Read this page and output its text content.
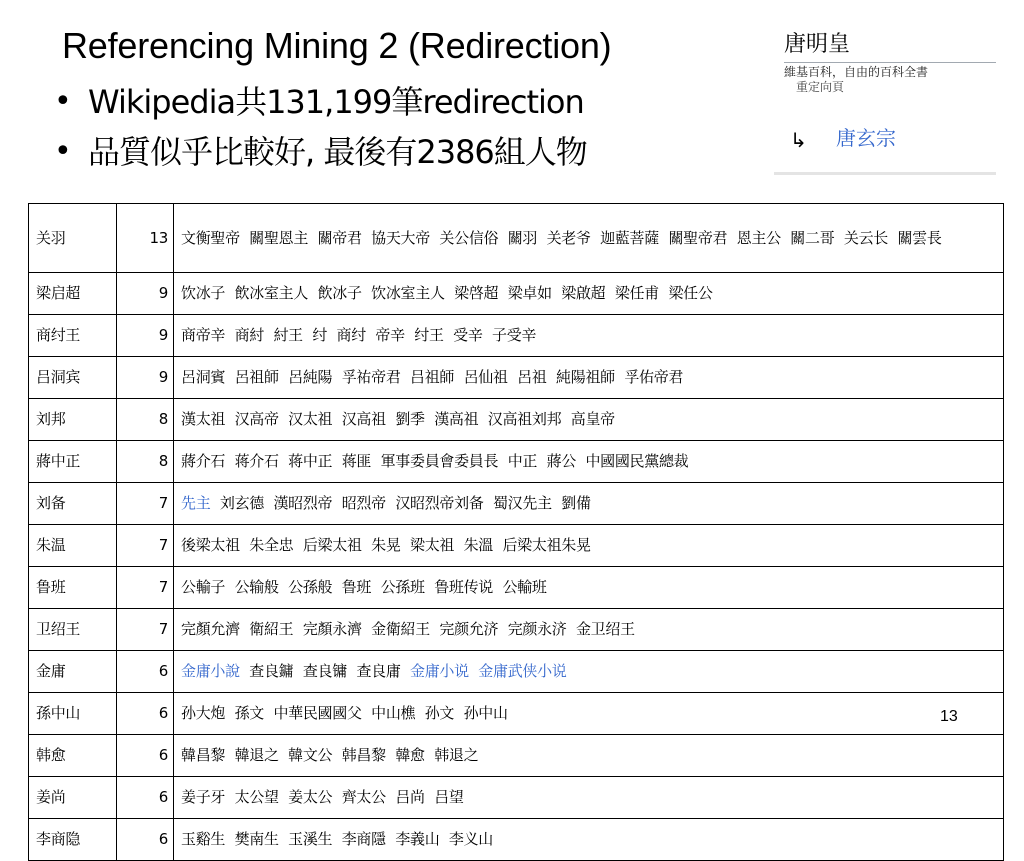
Referencing Mining 2 (Redirection)
• Wikipedia共131,199筆redirection
• 品質似乎比較好, 最後有2386組人物
唐明皇
維基百科，自由的百科全書
重定向頁
↳ 唐玄宗
关羽	13	文衡聖帝 關聖恩主 關帝君 協天大帝 关公信俗 關羽 关老爷 迦藍菩薩 關聖帝君 恩主公 關二哥 关云长 關雲長
梁启超	9	饮冰子 飲冰室主人 飲冰子 饮冰室主人 梁啓超 梁卓如 梁啟超 梁任甫 梁任公
商纣王	9	商帝辛 商紂 紂王 纣 商纣 帝辛 纣王 受辛 子受辛
吕洞宾	9	呂洞賓 呂祖師 呂純陽 孚祐帝君 吕祖師 呂仙祖 呂祖 純陽祖師 孚佑帝君
刘邦	8	漢太祖 汉高帝 汉太祖 汉高祖 劉季 漢高祖 汉高祖刘邦 高皇帝
蔣中正	8	蔣介石 蒋介石 蒋中正 蒋匪 軍事委員會委員長 中正 蔣公 中國國民黨總裁
刘备	7	先主 刘玄德 漢昭烈帝 昭烈帝 汉昭烈帝刘备 蜀汉先主 劉備
朱温	7	後梁太祖 朱全忠 后梁太祖 朱晃 梁太祖 朱溫 后梁太祖朱晃
鲁班	7	公輸子 公输般 公孫般 鲁班 公孫班 鲁班传说 公輸班
卫绍王	7	完顏允濟 衛紹王 完顏永濟 金衛紹王 完颜允济 完颜永济 金卫绍王
金庸	6	金庸小說 查良鏞 查良镛 查良庸 金庸小说 金庸武侠小说
孫中山	6	孙大炮 孫文 中華民國國父 中山樵 孙文 孙中山
韩愈	6	韓昌黎 韓退之 韓文公 韩昌黎 韓愈 韩退之
姜尚	6	姜子牙 太公望 姜太公 齊太公 吕尚 吕望
李商隐	6	玉谿生 樊南生 玉溪生 李商隱 李義山 李义山
13
